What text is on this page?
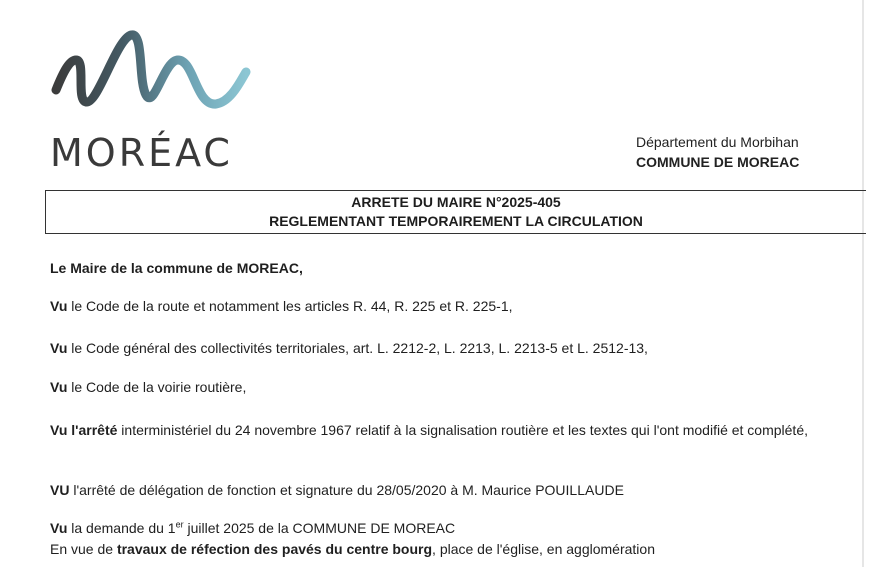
MORÉAC	Département du Morbihan
COMMUNE DE MOREAC
ARRETE DU MAIRE N°2025-405
REGLEMENTANT TEMPORAIREMENT LA CIRCULATION
Le Maire de la commune de MOREAC,
Vu le Code de la route et notamment les articles R. 44, R. 225 et R. 225-1,
Vu le Code général des collectivités territoriales, art. L. 2212-2, L. 2213, L. 2213-5 et L. 2512-13,
Vu le Code de la voirie routière,
Vu l'arrêté interministériel du 24 novembre 1967 relatif à la signalisation routière et les textes qui l'ont modifié et complété,
VU l'arrêté de délégation de fonction et signature du 28/05/2020 à M. Maurice POUILLAUDE
Vu la demande du 1er juillet 2025 de la COMMUNE DE MOREAC
En vue de travaux de réfection des pavés du centre bourg, place de l'église, en agglomération
